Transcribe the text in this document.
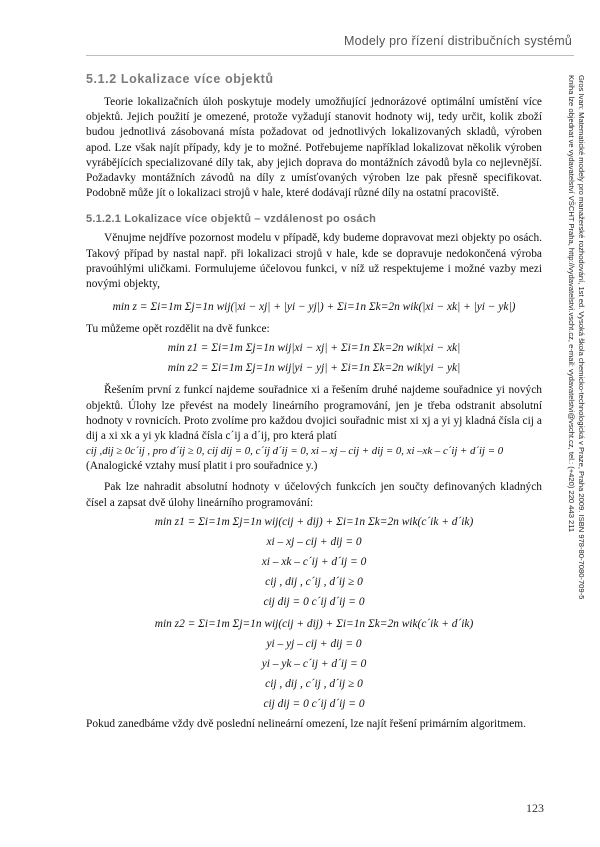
Modely pro řízení distribučních systémů
Gros Ivan: Matematické modely pro manažerské rozhodování, 1st ed. Vysoká škola chemicko-technologická v Praze, Praha 2009. ISBN 978-80-7080-709-5
Kniha lze objednat ve vydavatelství VŠCHT Praha, http://vydavatelstvi.vscht.cz, e-mail: vydavatelstvi@vscht.cz, tel.: (+420) 220 443 211
5.1.2 Lokalizace více objektů

Teorie lokalizačních úloh poskytuje modely umožňující jednorázové optimální umístění více objektů. Jejich použití je omezené, protože vyžadují stanovit hodnoty wij, tedy určit, kolik zboží budou jednotlivá zásobovaná místa požadovat od jednotlivých lokalizovaných skladů, výroben apod. Lze však najít případy, kdy je to možné. Potřebujeme například lokalizovat několik výroben vyrábějících specializované díly tak, aby jejich doprava do montážních závodů byla co nejlevnější. Požadavky montážních závodů na díly z umísťovaných výroben lze pak přesně specifikovat. Podobně může jít o lokalizaci strojů v hale, které dodávají různé díly na ostatní pracoviště.

5.1.2.1 Lokalizace více objektů – vzdálenost po osách

Věnujme nejdříve pozornost modelu v případě, kdy budeme dopravovat mezi objekty po osách. Takový případ by nastal např. při lokalizaci strojů v hale, kde se dopravuje nedokončená výroba pravoúhlými uličkami. Formulujeme účelovou funkci, v níž už respektujeme i možné vazby mezi novými objekty,

min z = Σi=1m Σj=1n wij(|xi − xj| + |yi − yj|) + Σi=1n Σk=2n wik(|xi − xk| + |yi − yk|)

Tu můžeme opět rozdělit na dvě funkce:

min z1 = Σi=1m Σj=1n wij|xi − xj| + Σi=1n Σk=2n wik|xi − xk|
min z2 = Σi=1m Σj=1n wij|yi − yj| + Σi=1n Σk=2n wik|yi − yk|

Řešením první z funkcí najdeme souřadnice xi a řešením druhé najdeme souřadnice yi nových objektů. Úlohy lze převést na modely lineárního programování, jen je třeba odstranit absolutní hodnoty v rovnicích. Proto zvolíme pro každou dvojici souřadnic mist xi xj a yi yj kladná čísla cij a dij a xi xk a yi yk kladná čísla c´ij a d´ij, pro která platí

cij ,dij ≥ 0c´ij , pro d´ij ≥ 0, cij dij = 0, c´ij d´ij = 0, xi – xj – cij + dij = 0, xi –xk – c´ij + d´ij = 0

(Analogické vztahy musí platit i pro souřadnice y.)

Pak lze nahradit absolutní hodnoty v účelových funkcích jen součty definovaných kladných čísel a zapsat dvě úlohy lineárního programování:

min z1 = Σi=1m Σj=1n wij(cij + dij) + Σi=1n Σk=2n wik(c´ik + d´ik)
xi – xj – cij + dij = 0
xi – xk – c´ij + d´ij = 0
cij , dij , c´ij , d´ij ≥ 0
cij dij = 0 c´ij d´ij = 0
min z2 = Σi=1m Σj=1n wij(cij + dij) + Σi=1n Σk=2n wik(c´ik + d´ik)
yi – yj – cij + dij = 0
yi – yk – c´ij + d´ij = 0
cij , dij , c´ij , d´ij ≥ 0
cij dij = 0 c´ij d´ij = 0

Pokud zanedbáme vždy dvě poslední nelineární omezení, lze najít řešení primárním algoritmem.

123
